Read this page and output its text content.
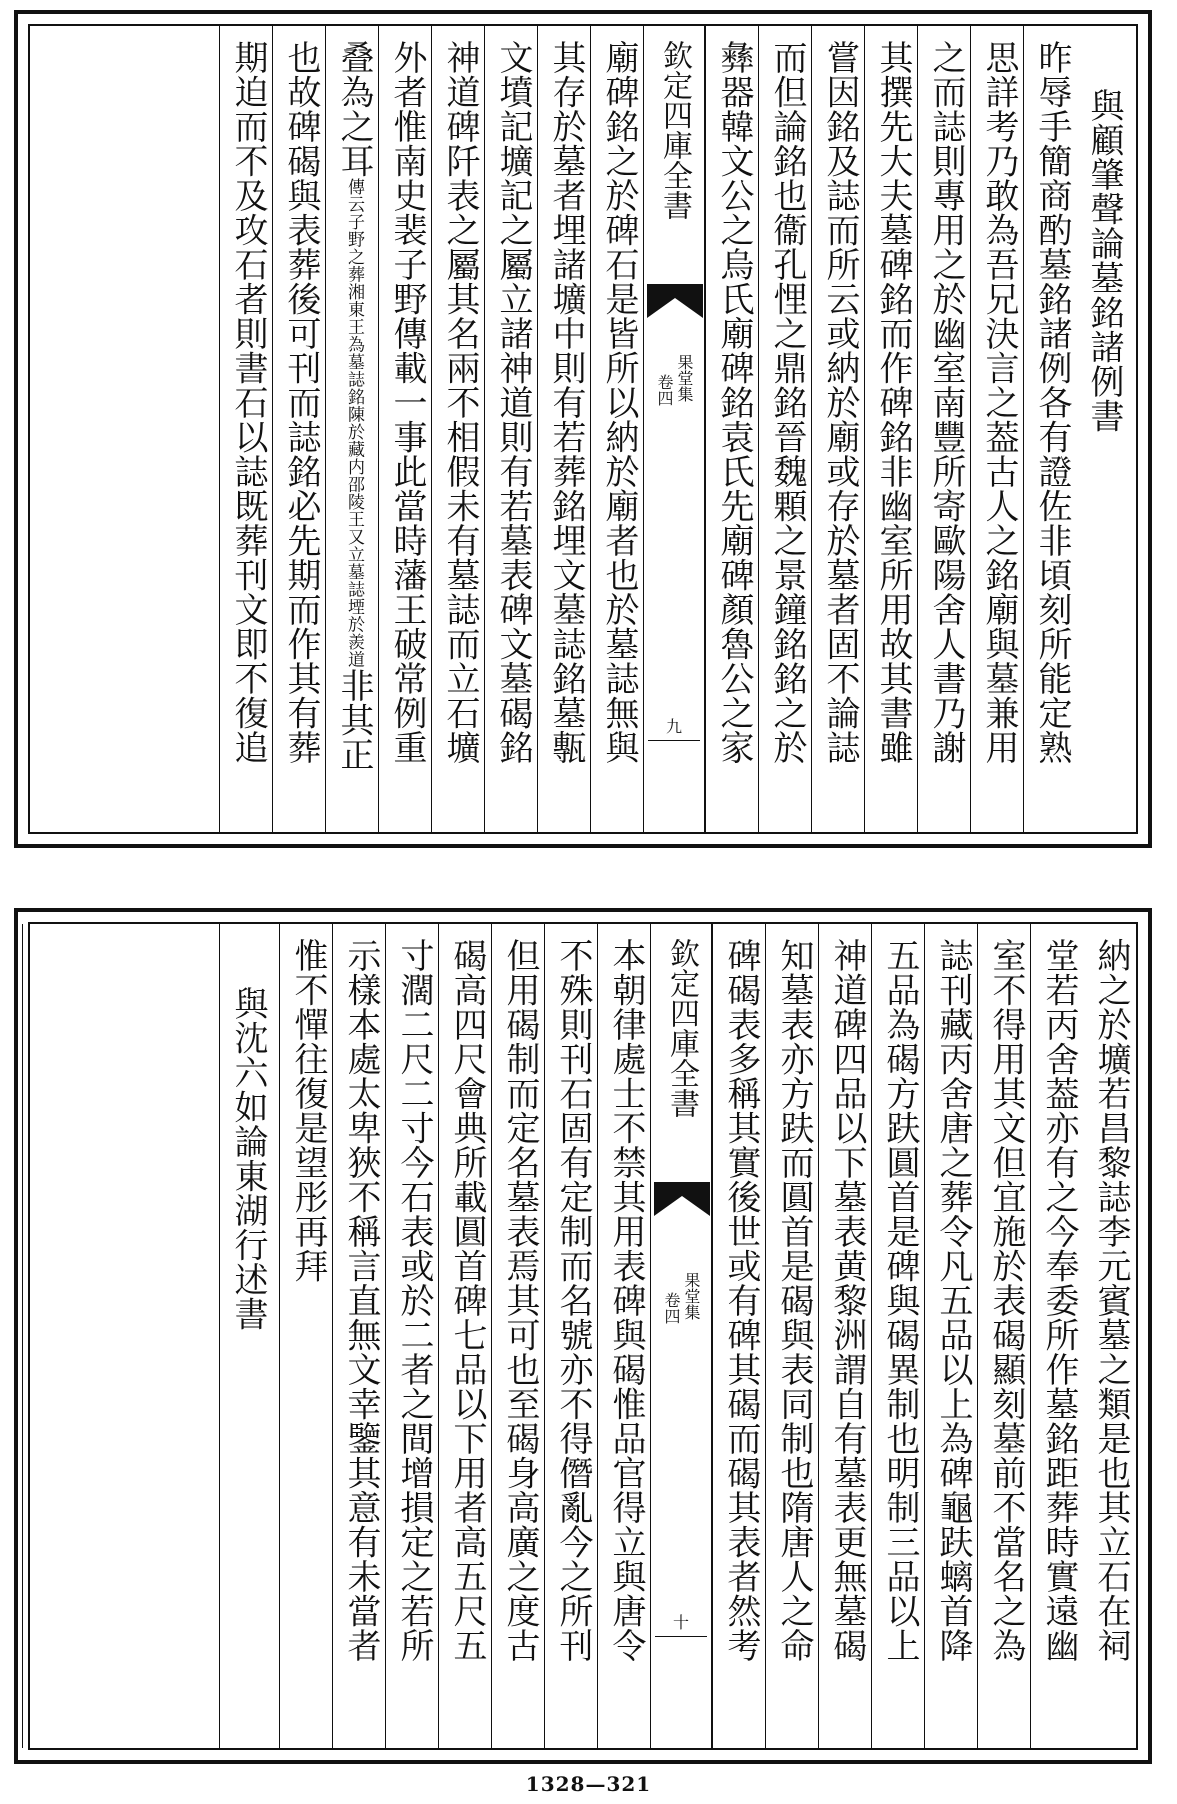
與顧肇聲論墓銘諸例書
昨辱手簡商酌墓銘諸例各有證佐非頃刻所能定熟
思詳考乃敢為吾兄決言之葢古人之銘廟與墓兼用
之而誌則專用之於幽室南豐所寄歐陽舍人書乃謝
其撰先大夫墓碑銘而作碑銘非幽室所用故其書雖
嘗因銘及誌而所云或納於廟或存於墓者固不論誌
而但論銘也衞孔悝之鼎銘晉魏顆之景鐘銘銘之於
彝器韓文公之烏氏廟碑銘袁氏先廟碑顏魯公之家
欽定四庫全書
果堂集
卷四
九
廟碑銘之於碑石是皆所以納於廟者也於墓誌無與
其存於墓者埋諸壙中則有若葬銘埋文墓誌銘墓甎
文墳記壙記之屬立諸神道則有若墓表碑文墓碣銘
神道碑阡表之屬其名兩不相假未有墓誌而立石壙
外者惟南史裴子野傳載一事此當時藩王破常例重
叠為之耳傳云子野之葬湘東王為墓誌銘陳於藏内邵陵王又立墓誌堙於羨道非其正
也故碑碣與表葬後可刊而誌銘必先期而作其有葬
期迫而不及攻石者則書石以誌既葬刊文即不復追
納之於壙若昌黎誌李元賓墓之類是也其立石在祠
堂若丙舍葢亦有之今奉委所作墓銘距葬時實遠幽
室不得用其文但宜施於表碣顯刻墓前不當名之為
誌刊藏丙舍唐之葬令凡五品以上為碑龜趺螭首降
五品為碣方趺圓首是碑與碣異制也明制三品以上
神道碑四品以下墓表黄黎洲謂自有墓表更無墓碣
知墓表亦方趺而圓首是碣與表同制也隋唐人之命
碑碣表多稱其實後世或有碑其碣而碣其表者然考
欽定四庫全書
果堂集
卷四
十
本朝律處士不禁其用表碑與碣惟品官得立與唐令
不殊則刊石固有定制而名號亦不得僭亂今之所刊
但用碣制而定名墓表焉其可也至碣身高廣之度古
碣高四尺會典所載圓首碑七品以下用者高五尺五
寸濶二尺二寸今石表或於二者之間增損定之若所
示樣本處太卑狹不稱言直無文幸鑒其意有未當者
惟不憚往復是望彤再拜
與沈六如論東湖行述書
1328—321
